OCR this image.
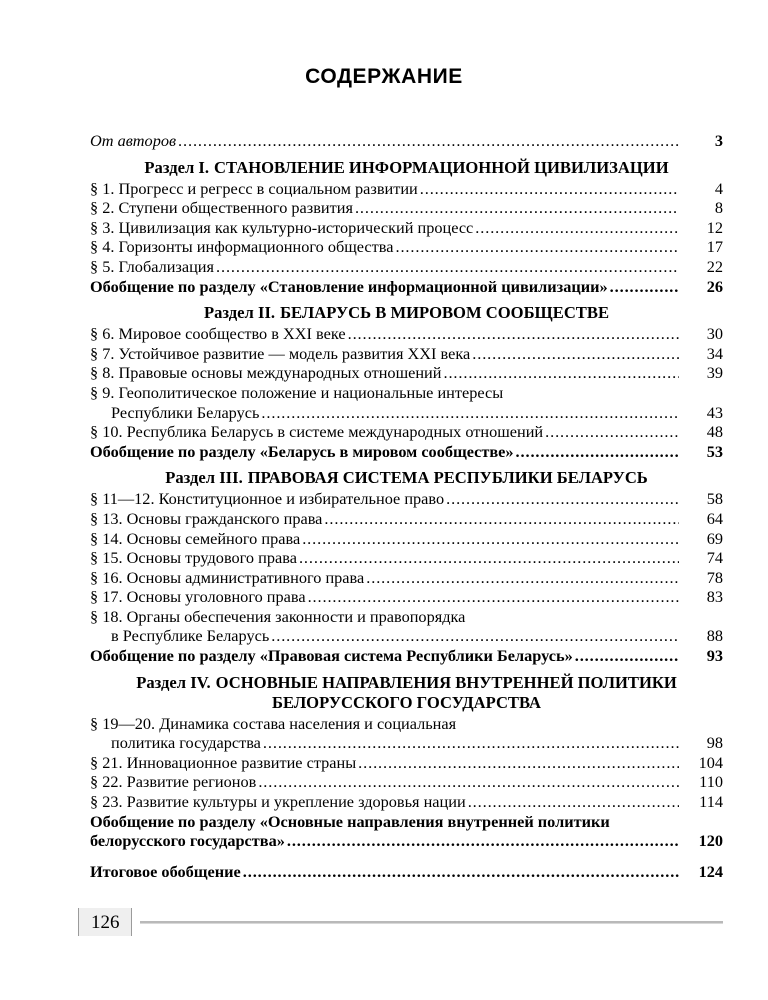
СОДЕРЖАНИЕ
От авторов .....	3
Раздел I. СТАНОВЛЕНИЕ ИНФОРМАЦИОННОЙ ЦИВИЛИЗАЦИИ
§ 1. Прогресс и регресс в социальном развитии .....	4
§ 2. Ступени общественного развития .....	8
§ 3. Цивилизация как культурно-исторический процесс .....	12
§ 4. Горизонты информационного общества .....	17
§ 5. Глобализация .....	22
Обобщение по разделу «Становление информационной цивилизации» .....	26
Раздел II. БЕЛАРУСЬ В МИРОВОМ СООБЩЕСТВЕ
§ 6. Мировое сообщество в XXI веке .....	30
§ 7. Устойчивое развитие — модель развития XXI века .....	34
§ 8. Правовые основы международных отношений .....	39
§ 9. Геополитическое положение и национальные интересы
Республики Беларусь .....	43
§ 10. Республика Беларусь в системе международных отношений .....	48
Обобщение по разделу «Беларусь в мировом сообществе» .....	53
Раздел III. ПРАВОВАЯ СИСТЕМА РЕСПУБЛИКИ БЕЛАРУСЬ
§ 11—12. Конституционное и избирательное право .....	58
§ 13. Основы гражданского права .....	64
§ 14. Основы семейного права .....	69
§ 15. Основы трудового права .....	74
§ 16. Основы административного права .....	78
§ 17. Основы уголовного права .....	83
§ 18. Органы обеспечения законности и правопорядка
в Республике Беларусь .....	88
Обобщение по разделу «Правовая система Республики Беларусь» .....	93
Раздел IV. ОСНОВНЫЕ НАПРАВЛЕНИЯ ВНУТРЕННЕЙ ПОЛИТИКИ
БЕЛОРУССКОГО ГОСУДАРСТВА
§ 19—20. Динамика состава населения и социальная
политика государства .....	98
§ 21. Инновационное развитие страны .....	104
§ 22. Развитие регионов .....	110
§ 23. Развитие культуры и укрепление здоровья нации .....	114
Обобщение по разделу «Основные направления внутренней политики
белорусского государства» .....	120
Итоговое обобщение .....	124
126
